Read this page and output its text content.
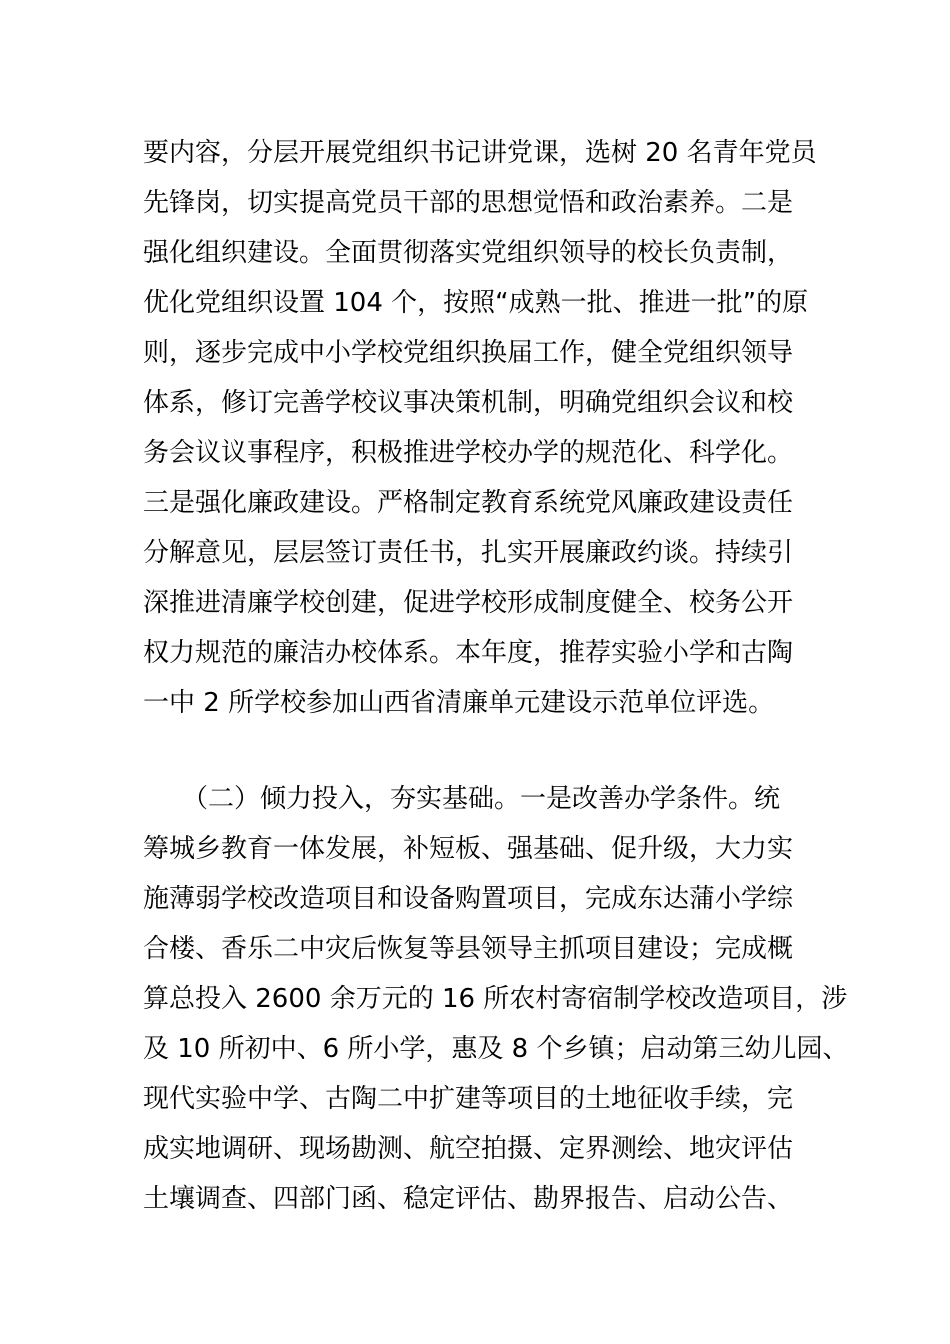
要内容，分层开展党组织书记讲党课，选树 20 名青年党员
先锋岗，切实提高党员干部的思想觉悟和政治素养。二是
强化组织建设。全面贯彻落实党组织领导的校长负责制，
优化党组织设置 104 个，按照“成熟一批、推进一批”的原
则，逐步完成中小学校党组织换届工作，健全党组织领导
体系，修订完善学校议事决策机制，明确党组织会议和校
务会议议事程序，积极推进学校办学的规范化、科学化。
三是强化廉政建设。严格制定教育系统党风廉政建设责任
分解意见，层层签订责任书，扎实开展廉政约谈。持续引
深推进清廉学校创建，促进学校形成制度健全、校务公开
权力规范的廉洁办校体系。本年度，推荐实验小学和古陶
一中 2 所学校参加山西省清廉单元建设示范单位评选。
　　（二）倾力投入，夯实基础。一是改善办学条件。统
筹城乡教育一体发展，补短板、强基础、促升级，大力实
施薄弱学校改造项目和设备购置项目，完成东达蒲小学综
合楼、香乐二中灾后恢复等县领导主抓项目建设；完成概
算总投入 2600 余万元的 16 所农村寄宿制学校改造项目，涉
及 10 所初中、6 所小学，惠及 8 个乡镇；启动第三幼儿园、
现代实验中学、古陶二中扩建等项目的土地征收手续，完
成实地调研、现场勘测、航空拍摄、定界测绘、地灾评估
土壤调查、四部门函、稳定评估、勘界报告、启动公告、
